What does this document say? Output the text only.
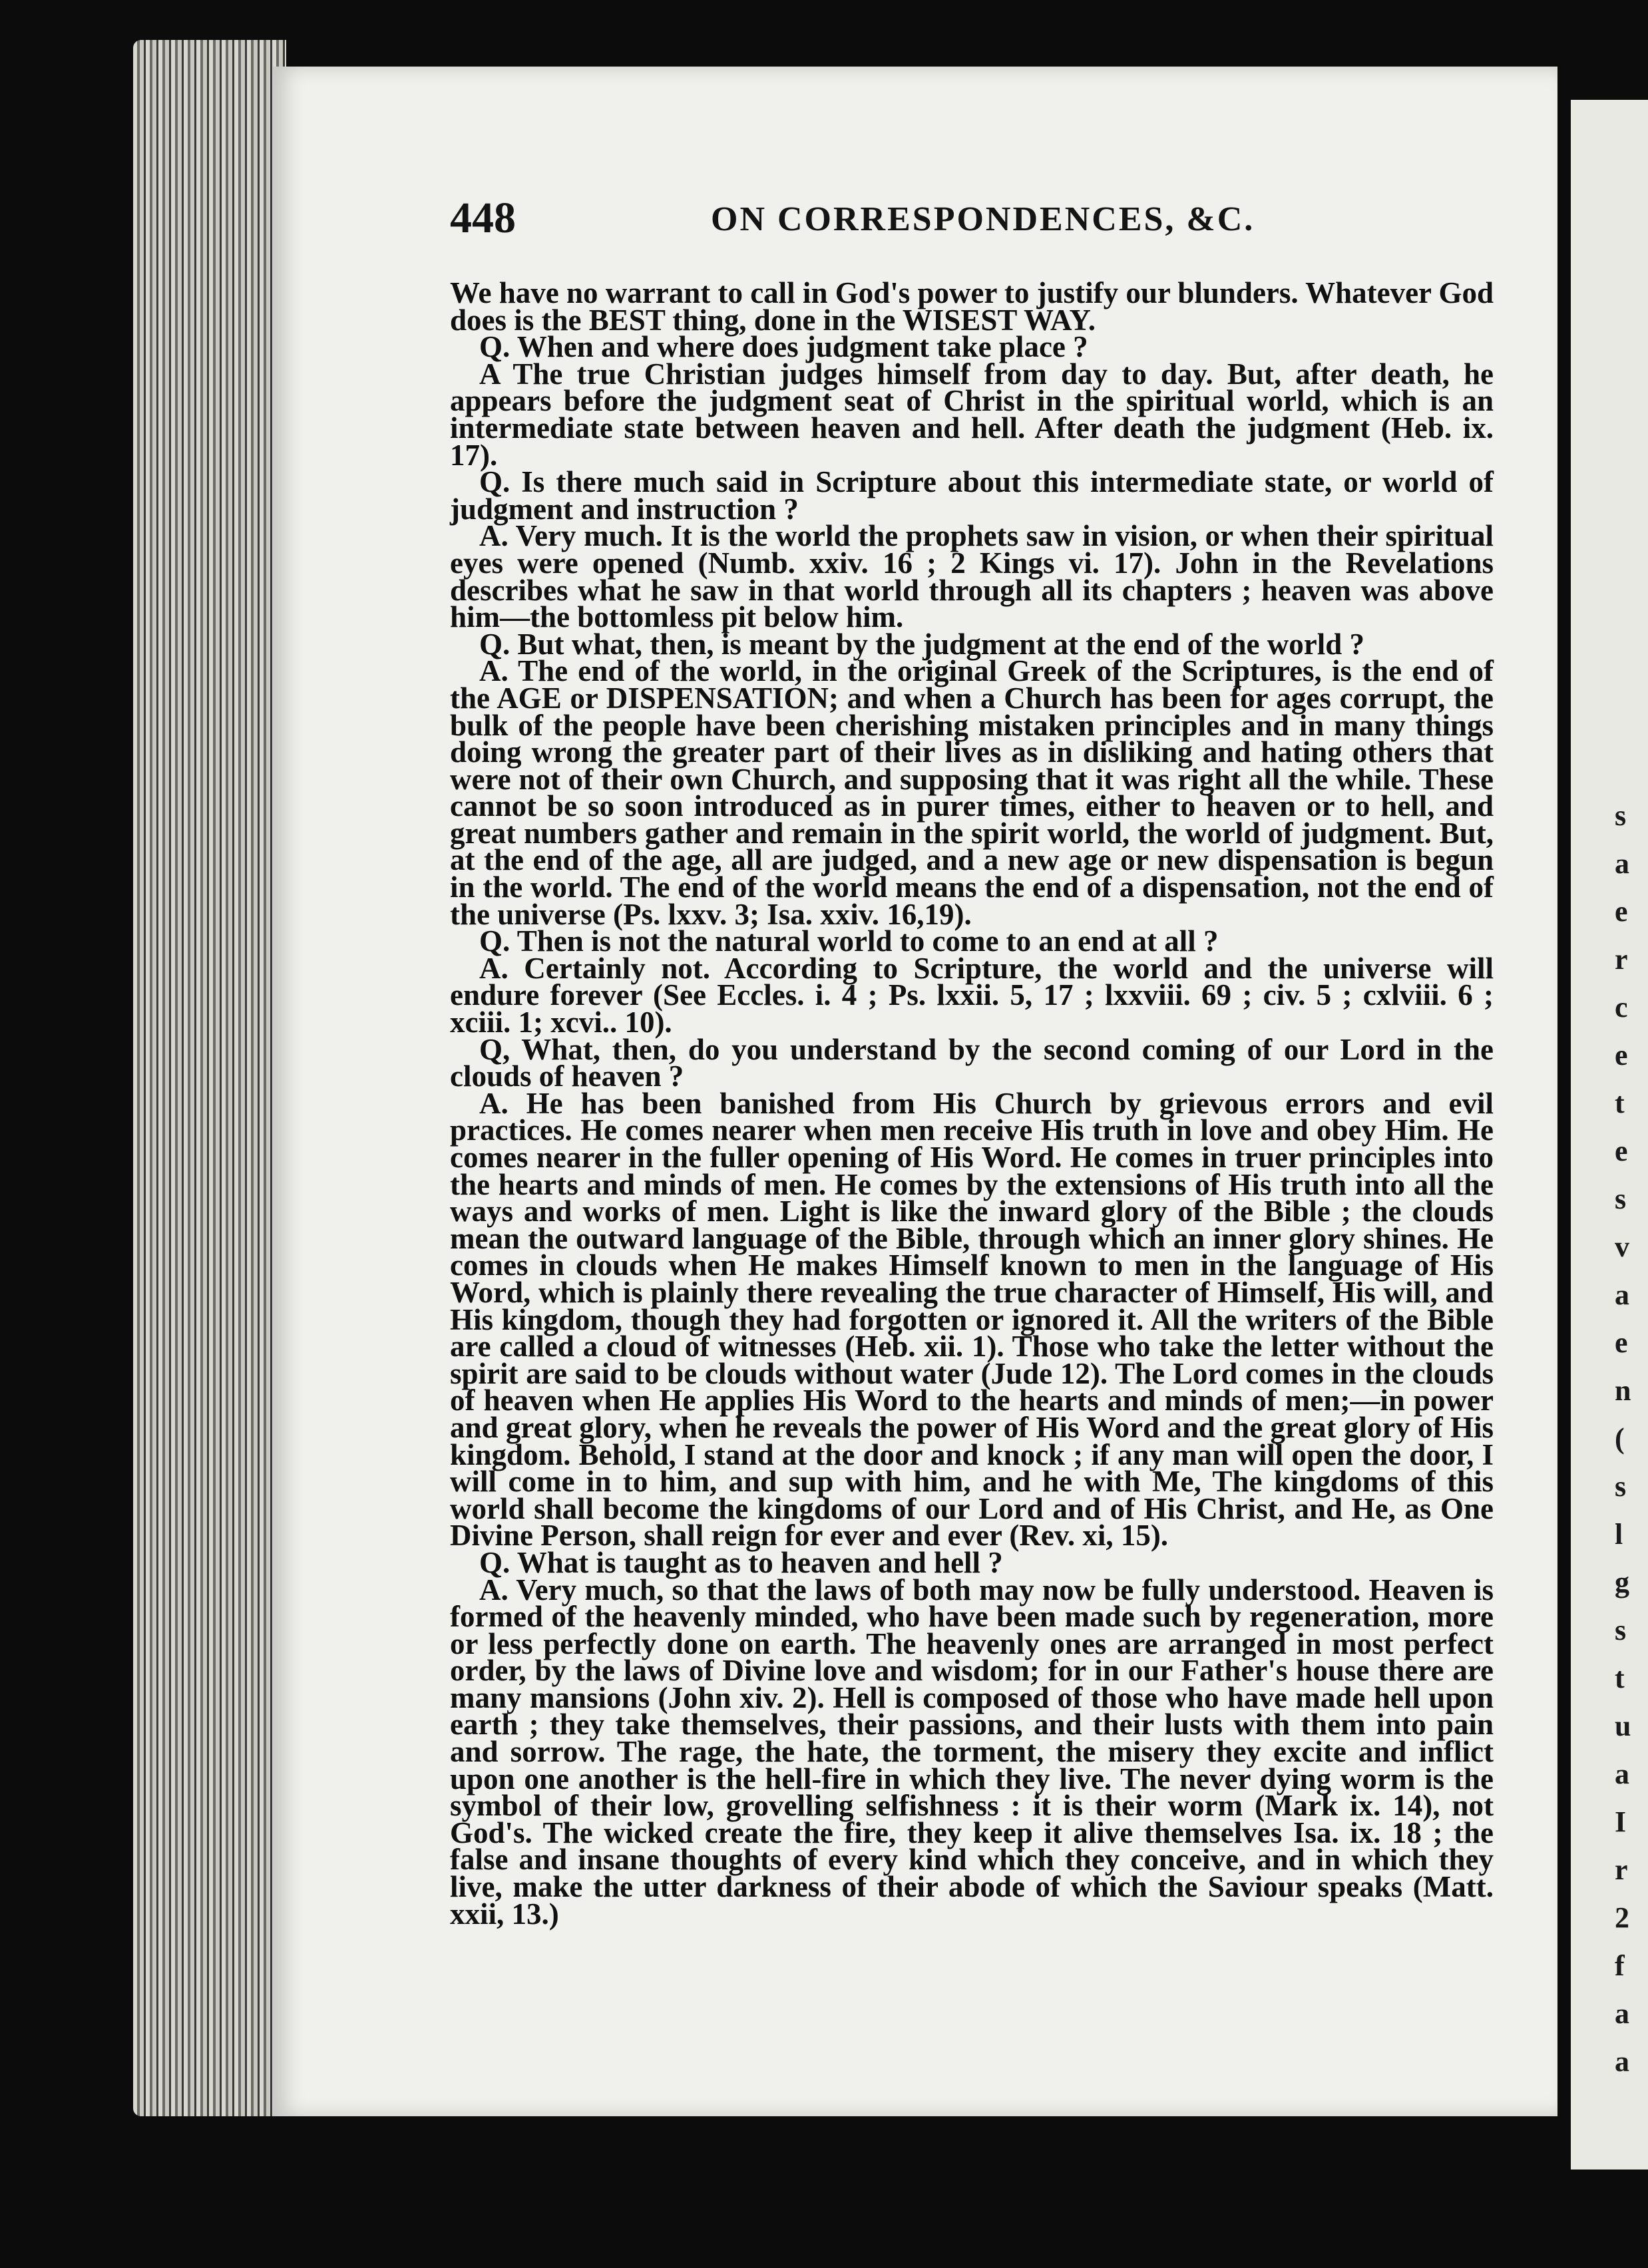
s
a
e
r
c
e
t
e
s
v
a
e
n
(
s
l
g
s
t
u
a
I
r
2
f
a
a
448	ON CORRESPONDENCES, &C.

We have no warrant to call in God's power to justify our blunders. Whatever God does is the BEST thing, done in the WISEST WAY.

Q. When and where does judgment take place ?

A The true Christian judges himself from day to day. But, after death, he appears before the judgment seat of Christ in the spiritual world, which is an intermediate state between heaven and hell. After death the judgment (Heb. ix. 17).

Q. Is there much said in Scripture about this intermediate state, or world of judgment and instruction ?

A. Very much. It is the world the prophets saw in vision, or when their spiritual eyes were opened (Numb. xxiv. 16 ; 2 Kings vi. 17). John in the Revelations describes what he saw in that world through all its chapters ; heaven was above him—the bottomless pit below him.

Q. But what, then, is meant by the judgment at the end of the world ?

A. The end of the world, in the original Greek of the Scriptures, is the end of the AGE or DISPENSATION; and when a Church has been for ages corrupt, the bulk of the people have been cherishing mistaken principles and in many things doing wrong the greater part of their lives as in disliking and hating others that were not of their own Church, and supposing that it was right all the while. These cannot be so soon introduced as in purer times, either to heaven or to hell, and great numbers gather and remain in the spirit world, the world of judgment. But, at the end of the age, all are judged, and a new age or new dispensation is begun in the world. The end of the world means the end of a dispensation, not the end of the universe (Ps. lxxv. 3; Isa. xxiv. 16,19).

Q. Then is not the natural world to come to an end at all ?

A. Certainly not. According to Scripture, the world and the universe will endure forever (See Eccles. i. 4 ; Ps. lxxii. 5, 17 ; lxxviii. 69 ; civ. 5 ; cxlviii. 6 ; xciii. 1; xcvi.. 10).

Q, What, then, do you understand by the second coming of our Lord in the clouds of heaven ?

A. He has been banished from His Church by grievous errors and evil practices. He comes nearer when men receive His truth in love and obey Him. He comes nearer in the fuller opening of His Word. He comes in truer principles into the hearts and minds of men. He comes by the extensions of His truth into all the ways and works of men. Light is like the inward glory of the Bible ; the clouds mean the outward language of the Bible, through which an inner glory shines. He comes in clouds when He makes Himself known to men in the language of His Word, which is plainly there revealing the true character of Himself, His will, and His kingdom, though they had forgotten or ignored it. All the writers of the Bible are called a cloud of witnesses (Heb. xii. 1). Those who take the letter without the spirit are said to be clouds without water (Jude 12). The Lord comes in the clouds of heaven when He applies His Word to the hearts and minds of men;—in power and great glory, when he reveals the power of His Word and the great glory of His kingdom. Behold, I stand at the door and knock ; if any man will open the door, I will come in to him, and sup with him, and he with Me, The kingdoms of this world shall become the kingdoms of our Lord and of His Christ, and He, as One Divine Person, shall reign for ever and ever (Rev. xi, 15).

Q. What is taught as to heaven and hell ?

A. Very much, so that the laws of both may now be fully understood. Heaven is formed of the heavenly minded, who have been made such by regeneration, more or less perfectly done on earth. The heavenly ones are arranged in most perfect order, by the laws of Divine love and wisdom; for in our Father's house there are many mansions (John xiv. 2). Hell is composed of those who have made hell upon earth ; they take themselves, their passions, and their lusts with them into pain and sorrow. The rage, the hate, the torment, the misery they excite and inflict upon one another is the hell-fire in which they live. The never dying worm is the symbol of their low, grovelling selfishness : it is their worm (Mark ix. 14), not God's. The wicked create the fire, they keep it alive themselves Isa. ix. 18 ; the false and insane thoughts of every kind which they conceive, and in which they live, make the utter darkness of their abode of which the Saviour speaks (Matt. xxii, 13.)
